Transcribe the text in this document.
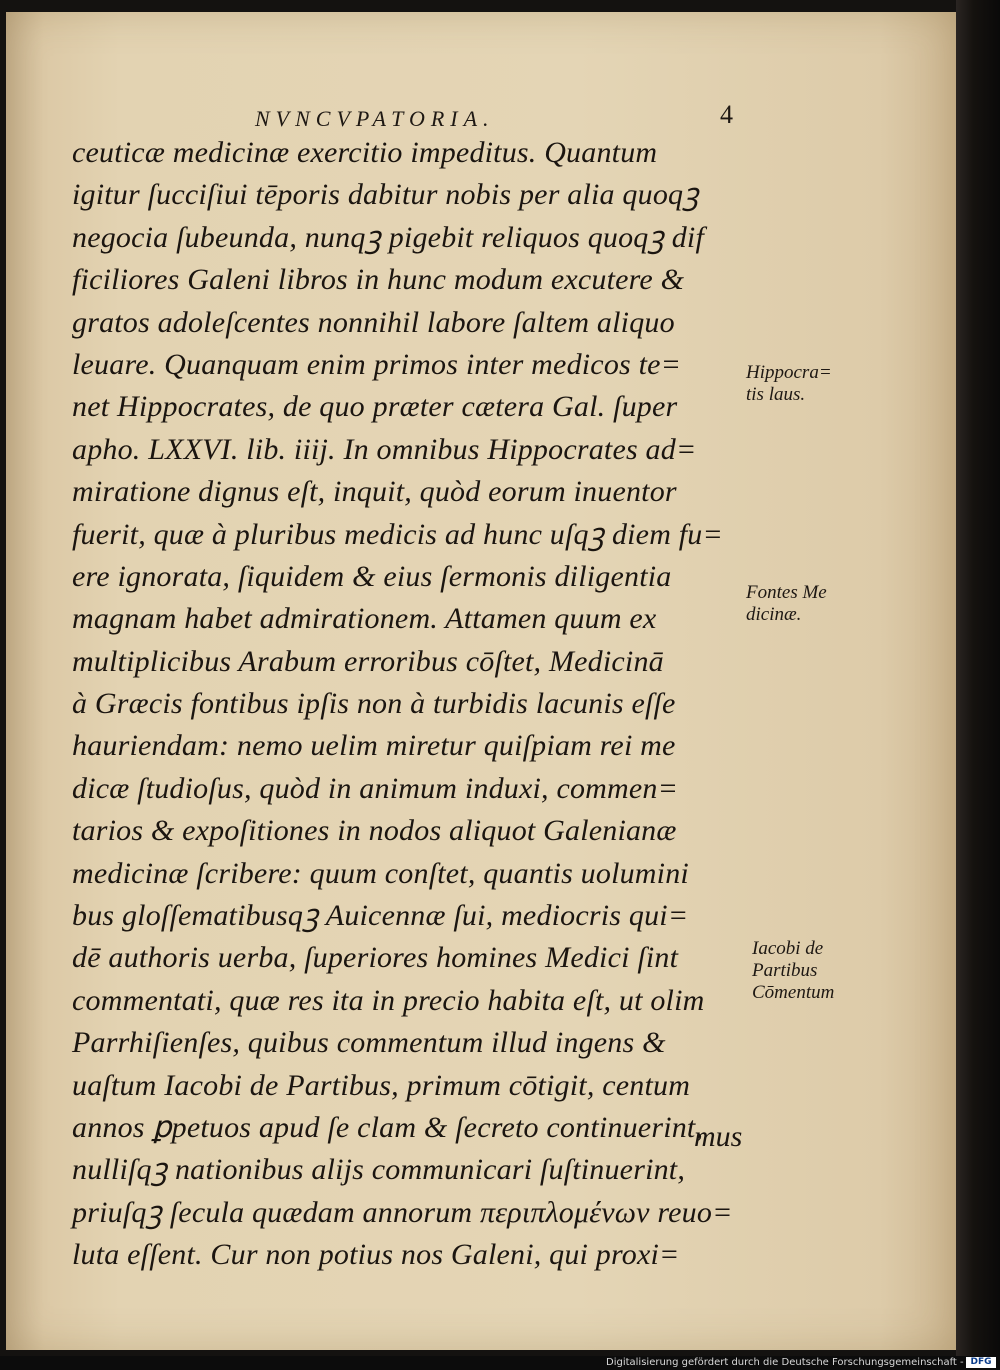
NVNCVPATORIA.	4
ceuticæ medicinæ exercitio impeditus. Quantum
igitur ſucciſiui tēporis dabitur nobis per alia quoqꝫ
negocia ſubeunda, nunqꝫ pigebit reliquos quoqꝫ dif
ficiliores Galeni libros in hunc modum excutere &
gratos adoleſcentes nonnihil labore ſaltem aliquo
leuare. Quanquam enim primos inter medicos te=
net Hippocrates, de quo præter cætera Gal. ſuper
apho. LXXVI. lib. iiij. In omnibus Hippocrates ad=
miratione dignus eſt, inquit, quòd eorum inuentor
fuerit, quæ à pluribus medicis ad hunc uſqꝫ diem fu=
ere ignorata, ſiquidem & eius ſermonis diligentia
magnam habet admirationem. Attamen quum ex
multiplicibus Arabum erroribus cōſtet, Medicinā
à Græcis fontibus ipſis non à turbidis lacunis eſſe
hauriendam: nemo uelim miretur quiſpiam rei me
dicæ ſtudioſus, quòd in animum induxi, commen=
tarios & expoſitiones in nodos aliquot Galenianæ
medicinæ ſcribere: quum conſtet, quantis uolumini
bus gloſſematibusqꝫ Auicennæ ſui, mediocris qui=
dē authoris uerba, ſuperiores homines Medici ſint
commentati, quæ res ita in precio habita eſt, ut olim
Parrhiſienſes, quibus commentum illud ingens &
uaſtum Iacobi de Partibus, primum cōtigit, centum
annos ꝑpetuos apud ſe clam & ſecreto continuerint,
nulliſqꝫ nationibus alijs communicari ſuſtinuerint,
priuſqꝫ ſecula quædam annorum περιπλομένων reuo=
luta eſſent. Cur non potius nos Galeni, qui proxi=
mus
Hippocra=
tis laus.
Fontes Me
dicinæ.
Iacobi de
Partibus
Cōmentum
Digitalisierung gefördert durch die Deutsche Forschungsgemeinschaft - DFG
